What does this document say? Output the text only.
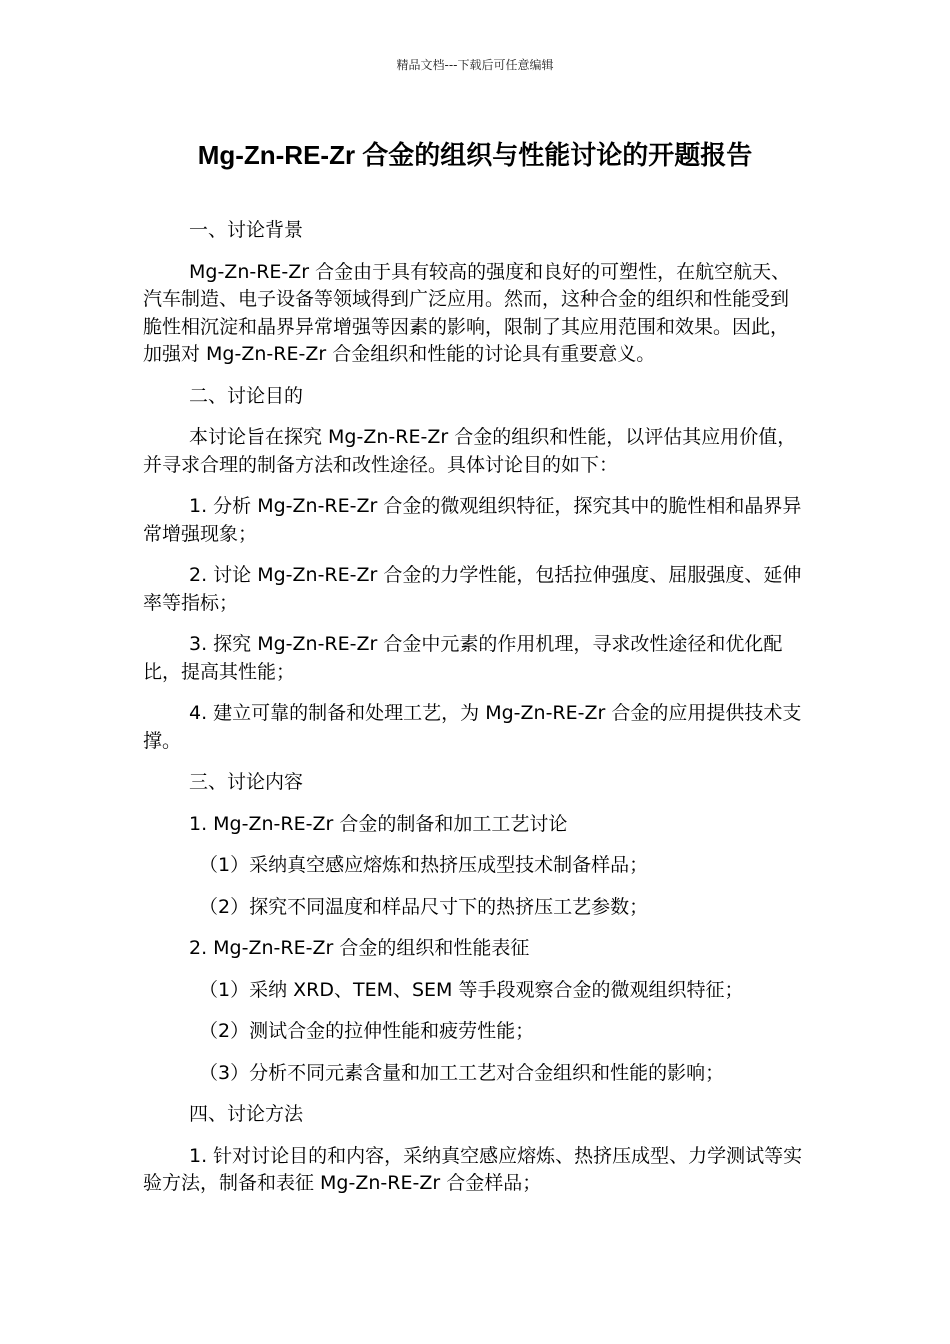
精品文档---下载后可任意编辑
Mg-Zn-RE-Zr 合金的组织与性能讨论的开题报告

一、讨论背景

Mg-Zn-RE-Zr 合金由于具有较高的强度和良好的可塑性，在航空航天、汽车制造、电子设备等领域得到广泛应用。然而，这种合金的组织和性能受到脆性相沉淀和晶界异常增强等因素的影响，限制了其应用范围和效果。因此，加强对 Mg-Zn-RE-Zr 合金组织和性能的讨论具有重要意义。

二、讨论目的

本讨论旨在探究 Mg-Zn-RE-Zr 合金的组织和性能，以评估其应用价值，并寻求合理的制备方法和改性途径。具体讨论目的如下：

1. 分析 Mg-Zn-RE-Zr 合金的微观组织特征，探究其中的脆性相和晶界异常增强现象；

2. 讨论 Mg-Zn-RE-Zr 合金的力学性能，包括拉伸强度、屈服强度、延伸率等指标；

3. 探究 Mg-Zn-RE-Zr 合金中元素的作用机理，寻求改性途径和优化配比，提高其性能；

4. 建立可靠的制备和处理工艺，为 Mg-Zn-RE-Zr 合金的应用提供技术支撑。

三、讨论内容

1. Mg-Zn-RE-Zr 合金的制备和加工工艺讨论

（1）采纳真空感应熔炼和热挤压成型技术制备样品；

（2）探究不同温度和样品尺寸下的热挤压工艺参数；

2. Mg-Zn-RE-Zr 合金的组织和性能表征

（1）采纳 XRD、TEM、SEM 等手段观察合金的微观组织特征；

（2）测试合金的拉伸性能和疲劳性能；

（3）分析不同元素含量和加工工艺对合金组织和性能的影响；

四、讨论方法

1. 针对讨论目的和内容，采纳真空感应熔炼、热挤压成型、力学测试等实验方法，制备和表征 Mg-Zn-RE-Zr 合金样品；
